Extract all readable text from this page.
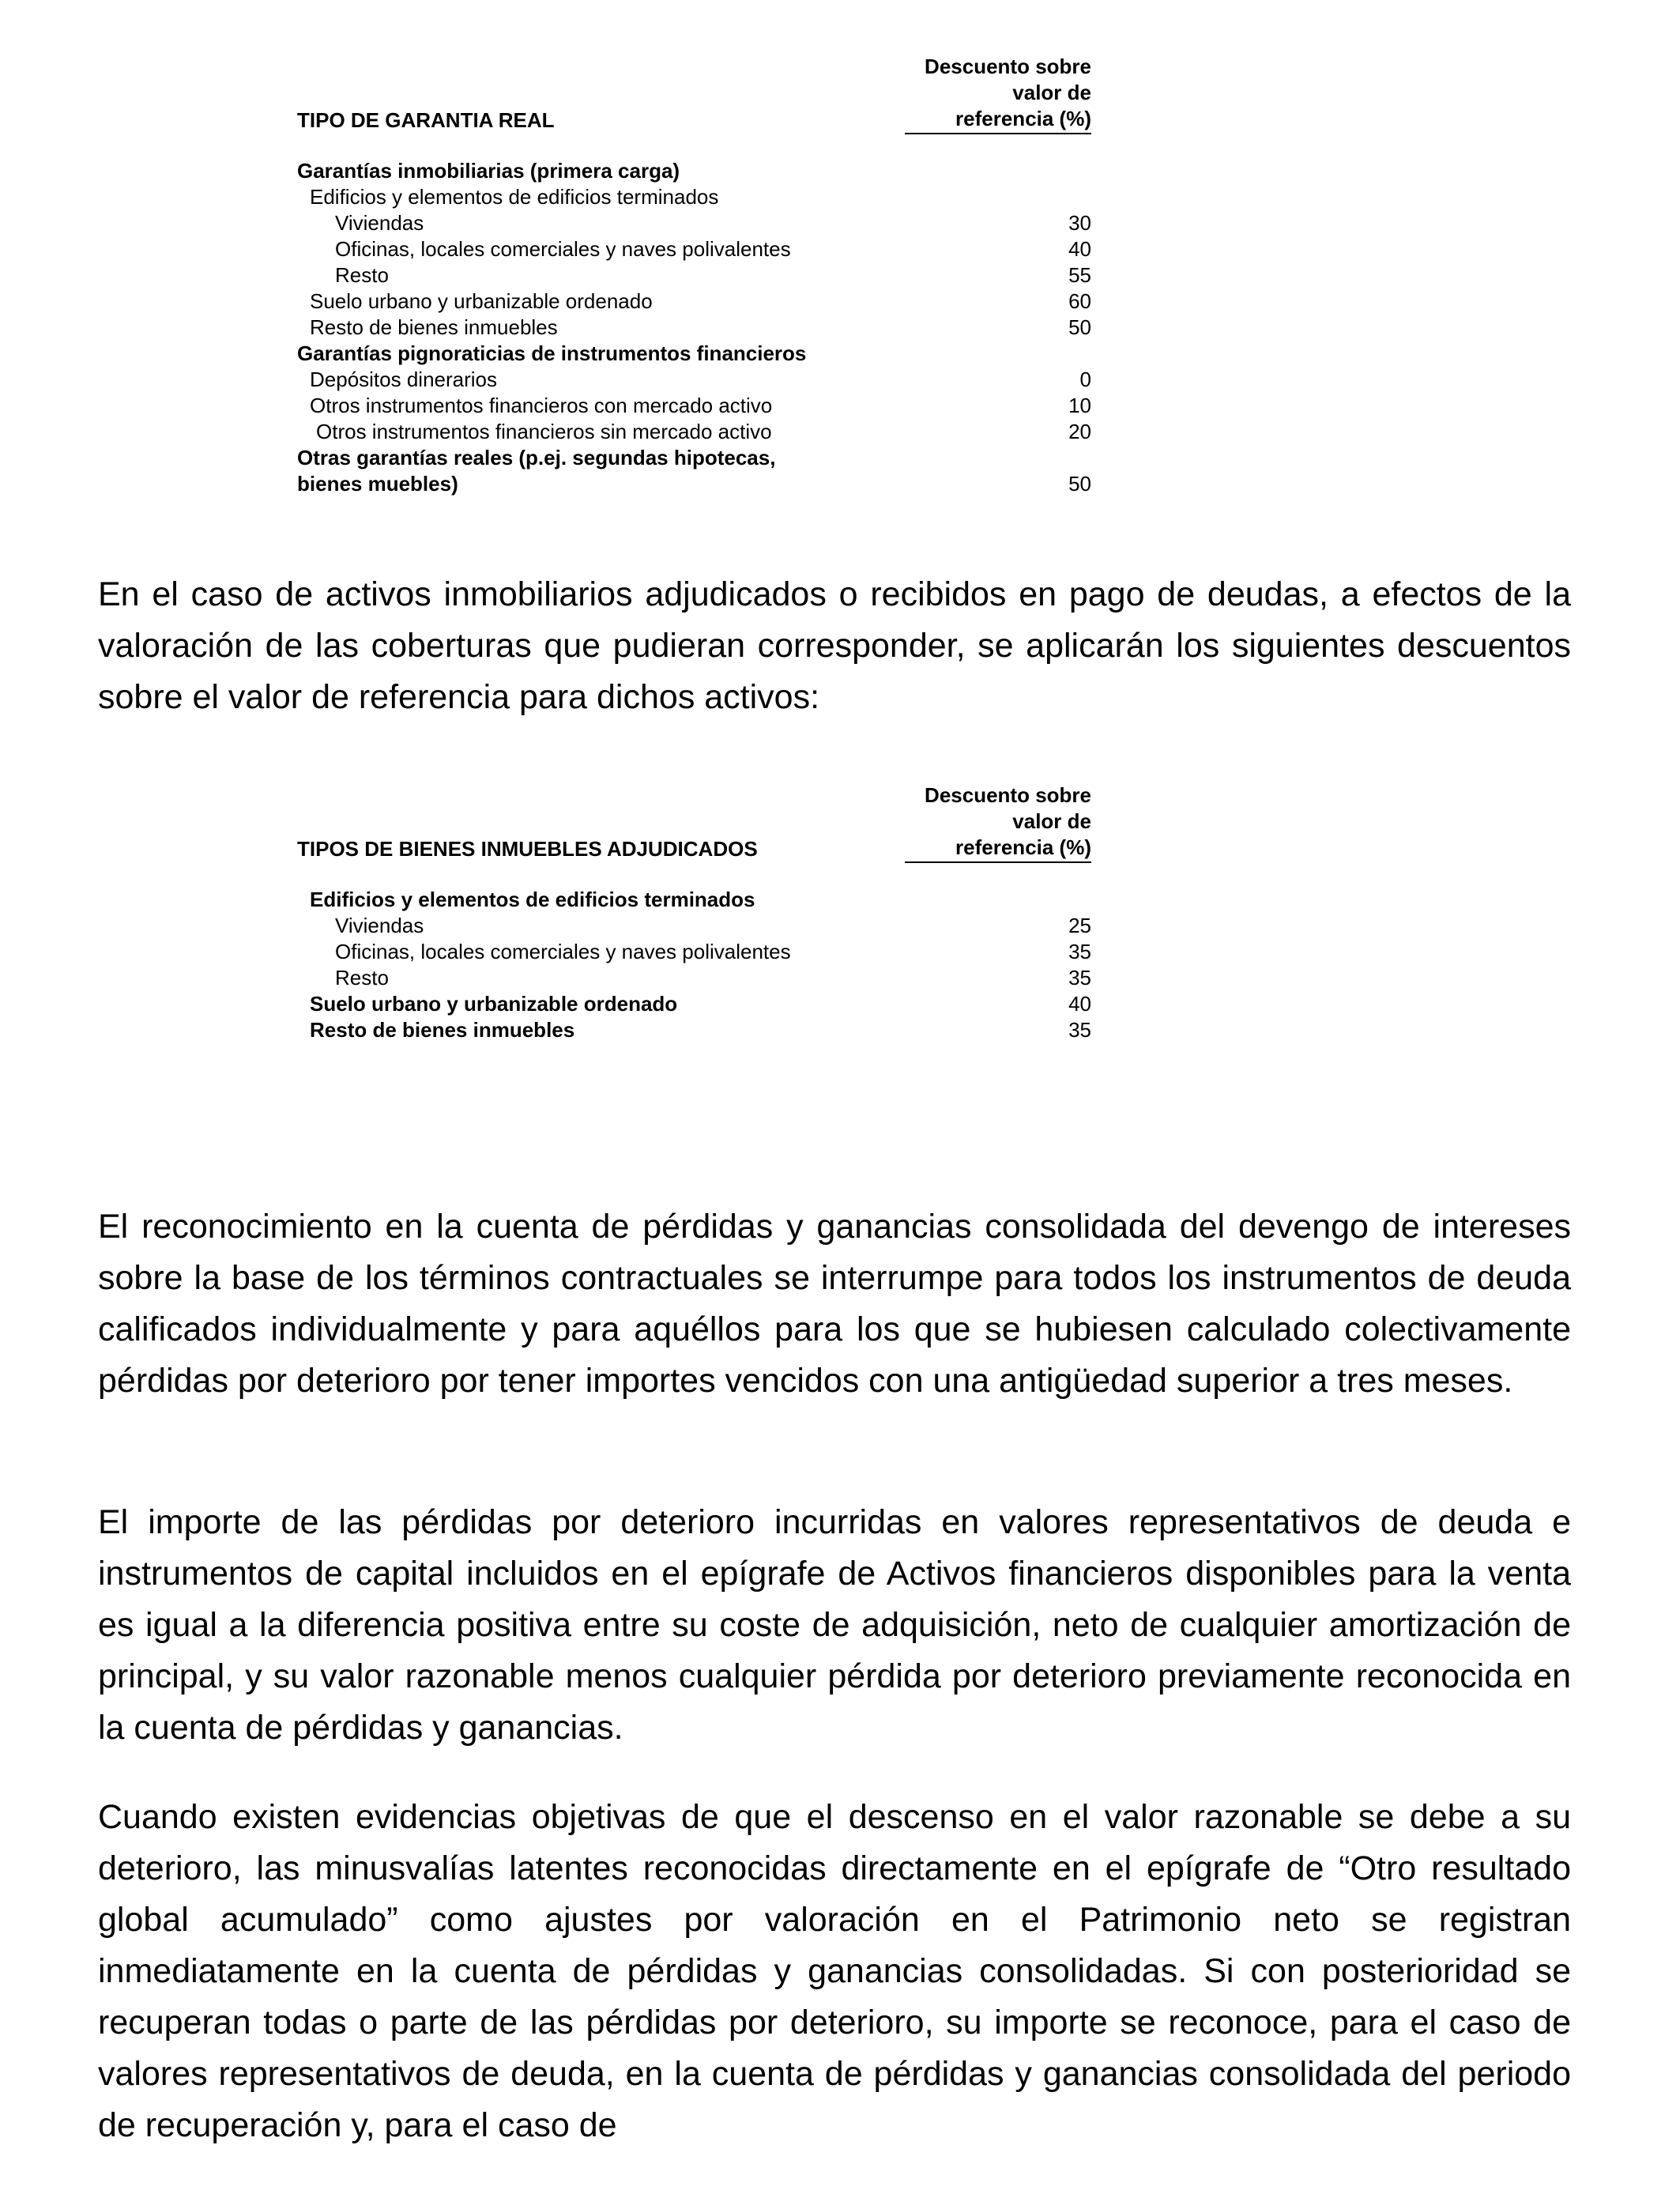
TIPO DE GARANTIA REAL
Descuento sobre
valor de
referencia (%)
Garantías inmobiliarias (primera carga)
Edificios y elementos de edificios terminados
Viviendas	30
Oficinas, locales comerciales y naves polivalentes	40
Resto	55
Suelo urbano y urbanizable ordenado	60
Resto de bienes inmuebles	50
Garantías pignoraticias de instrumentos financieros
Depósitos dinerarios	0
Otros instrumentos financieros con mercado activo	10
Otros instrumentos financieros sin mercado activo	20
Otras garantías reales (p.ej. segundas hipotecas,
bienes muebles)	50

En el caso de activos inmobiliarios adjudicados o recibidos en pago de deudas, a efectos de la valoración de las coberturas que pudieran corresponder, se aplicarán los siguientes descuentos sobre el valor de referencia para dichos activos:

TIPOS DE BIENES INMUEBLES ADJUDICADOS
Descuento sobre
valor de
referencia (%)
Edificios y elementos de edificios terminados
Viviendas	25
Oficinas, locales comerciales y naves polivalentes	35
Resto	35
Suelo urbano y urbanizable ordenado	40
Resto de bienes inmuebles	35

El reconocimiento en la cuenta de pérdidas y ganancias consolidada del devengo de intereses sobre la base de los términos contractuales se interrumpe para todos los instrumentos de deuda calificados individualmente y para aquéllos para los que se hubiesen calculado colectivamente pérdidas por deterioro por tener importes vencidos con una antigüedad superior a tres meses.

El importe de las pérdidas por deterioro incurridas en valores representativos de deuda e instrumentos de capital incluidos en el epígrafe de Activos financieros disponibles para la venta es igual a la diferencia positiva entre su coste de adquisición, neto de cualquier amortización de principal, y su valor razonable menos cualquier pérdida por deterioro previamente reconocida en la cuenta de pérdidas y ganancias.

Cuando existen evidencias objetivas de que el descenso en el valor razonable se debe a su deterioro, las minusvalías latentes reconocidas directamente en el epígrafe de “Otro resultado global acumulado” como ajustes por valoración en el Patrimonio neto se registran inmediatamente en la cuenta de pérdidas y ganancias consolidadas. Si con posterioridad se recuperan todas o parte de las pérdidas por deterioro, su importe se reconoce, para el caso de valores representativos de deuda, en la cuenta de pérdidas y ganancias consolidada del periodo de recuperación y, para el caso de
